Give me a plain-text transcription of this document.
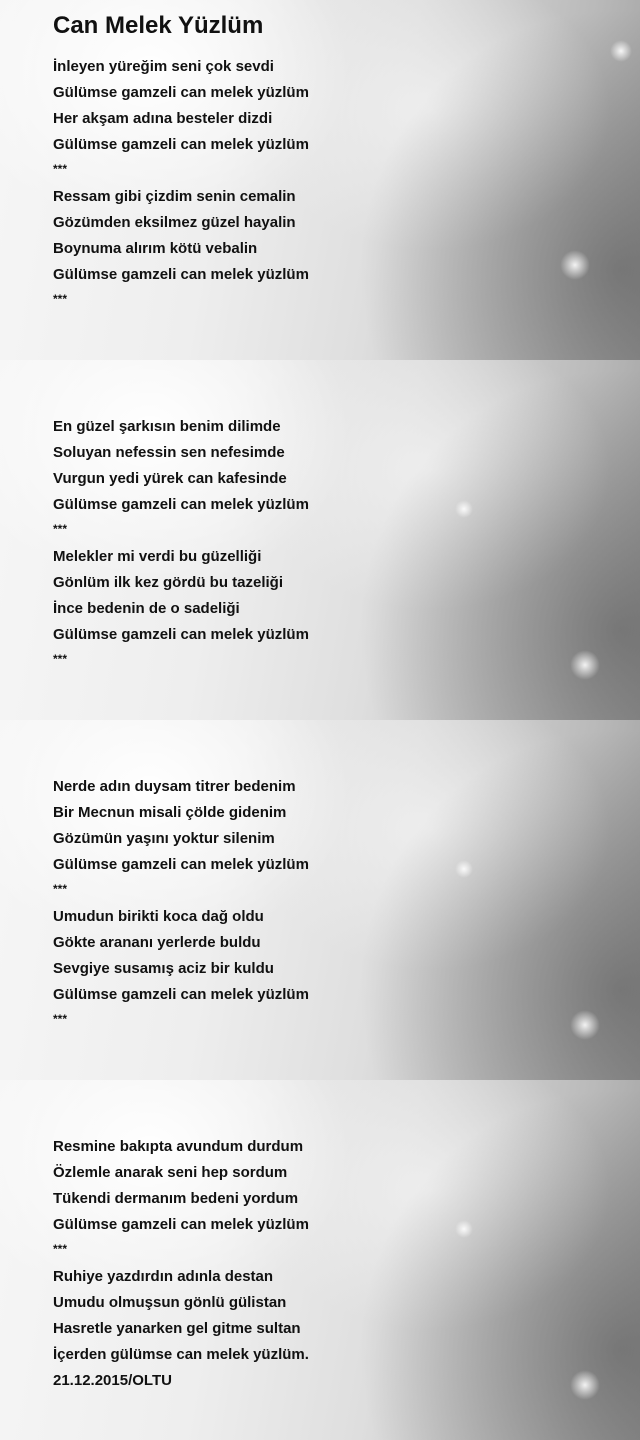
Can Melek Yüzlüm
İnleyen yüreğim seni çok sevdi
Gülümse gamzeli can melek yüzlüm
Her akşam adına besteler dizdi
Gülümse gamzeli can melek yüzlüm
***
Ressam gibi çizdim senin cemalin
Gözümden eksilmez güzel hayalin
Boynuma alırım kötü vebalin
Gülümse gamzeli can melek yüzlüm
***
En güzel şarkısın benim dilimde
Soluyan nefessin sen nefesimde
Vurgun yedi yürek can kafesinde
Gülümse gamzeli can melek yüzlüm
***
Melekler mi verdi bu güzelliği
Gönlüm ilk kez gördü bu tazeliği
İnce bedenin de o sadeliği
Gülümse gamzeli can melek yüzlüm
***
Nerde adın duysam titrer bedenim
Bir Mecnun misali çölde gidenim
Gözümün yaşını yoktur silenim
Gülümse gamzeli can melek yüzlüm
***
Umudun birikti koca dağ oldu
Gökte arananı yerlerde buldu
Sevgiye susamış aciz bir kuldu
Gülümse gamzeli can melek yüzlüm
***
Resmine bakıpta avundum durdum
Özlemle anarak seni hep sordum
Tükendi dermanım bedeni yordum
Gülümse gamzeli can melek yüzlüm
***
Ruhiye yazdırdın adınla destan
Umudu olmuşsun gönlü gülistan
Hasretle yanarken gel gitme sultan
İçerden gülümse can melek yüzlüm.
21.12.2015/OLTU
